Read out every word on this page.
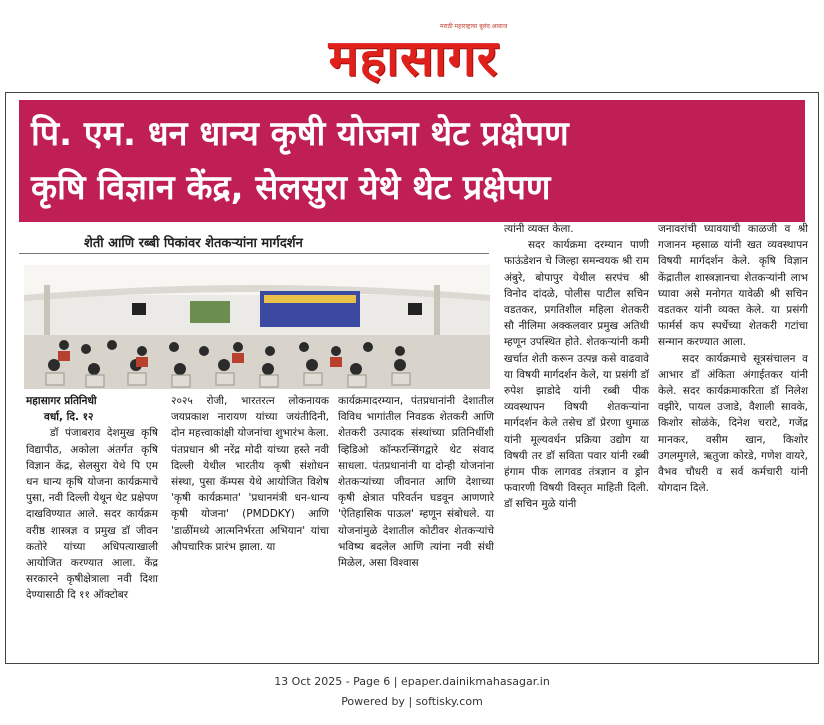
मराठी महाराष्ट्राचा बुलंद आवाज
महासागर
पि. एम. धन धान्य कृषी योजना थेट प्रक्षेपण
कृषि विज्ञान केंद्र, सेलसुरा येथे थेट प्रक्षेपण
शेती आणि रब्बी पिकांवर शेतकऱ्यांना मार्गदर्शन

महासागर प्रतिनिधी

वर्धा, दि. १२

डॉ पंजाबराव देशमुख कृषि विद्यापीठ, अकोला अंतर्गत कृषि विज्ञान केंद्र, सेलसुरा येथे पि एम धन धान्य कृषि योजना कार्यक्रमाचे पुसा, नवी दिल्ली येथून थेट प्रक्षेपण दाखविण्यात आले. सदर कार्यक्रम वरीष्ठ शास्त्रज्ञ व प्रमुख डॉ जीवन कतोरे यांच्या अधिपत्याखाली आयोजित करण्यात आला. केंद्र सरकारने कृषीक्षेत्राला नवी दिशा देण्यासाठी दि ११ ऑक्टोबर

२०२५ रोजी, भारतरत्न लोकनायक जयप्रकाश नारायण यांच्या जयंतीदिनी, दोन महत्त्वाकांक्षी योजनांचा शुभारंभ केला. पंतप्रधान श्री नरेंद्र मोदी यांच्या हस्ते नवी दिल्ली येथील भारतीय कृषी संशोधन संस्था, पुसा कॅम्पस येथे आयोजित विशेष 'कृषी कार्यक्रमात' 'प्रधानमंत्री धन-धान्य कृषी योजना' (PMDDKY) आणि 'डाळींमध्ये आत्मनिर्भरता अभियान' यांचा औपचारिक प्रारंभ झाला. या

कार्यक्रमादरम्यान, पंतप्रधानांनी देशातील विविध भागांतील निवडक शेतकरी आणि शेतकरी उत्पादक संस्थांच्या प्रतिनिधींशी व्हिडिओ कॉन्फरन्सिंगद्वारे थेट संवाद साधला. पंतप्रधानांनी या दोन्ही योजनांना शेतकऱ्यांच्या जीवनात आणि देशाच्या कृषी क्षेत्रात परिवर्तन घडवून आणणारे 'ऐतिहासिक पाऊल' म्हणून संबोधले. या योजनांमुळे देशातील कोटीवर शेतकऱ्यांचे भविष्य बदलेल आणि त्यांना नवी संधी मिळेल, असा विश्वास

त्यांनी व्यक्त केला.

सदर कार्यक्रमा दरम्यान पाणी फाऊंडेशन चे जिल्हा समन्वयक श्री राम अंबुरे, बोपापुर येथील सरपंच श्री विनोद दांदळे, पोलीस पाटील सचिन वडतकर, प्रगतिशील महिला शेतकरी सौ नीलिमा अक्कलवार प्रमुख अतिथी म्हणून उपस्थित होते. शेतकऱ्यांनी कमी खर्चात शेती करून उत्पन्न कसे वाढवावे या विषयी मार्गदर्शन केले, या प्रसंगी डॉ रुपेश झाडोदे यांनी रब्बी पीक व्यवस्थापन विषयी शेतकऱ्यांना मार्गदर्शन केले तसेच डॉ प्रेरणा धुमाळ यांनी मूल्यवर्धन प्रक्रिया उद्योग या विषयी तर डॉ सविता पवार यांनी रब्बी हंगाम पीक लागवड तंत्रज्ञान व ड्रोन फवारणी विषयी विस्तृत माहिती दिली. डॉ सचिन मुळे यांनी

जनावरांची घ्यावयाची काळजी व श्री गजानन म्हसाळ यांनी खत व्यवस्थापन विषयी मार्गदर्शन केले. कृषि विज्ञान केंद्रातील शास्त्रज्ञानचा शेतकऱ्यांनी लाभ घ्यावा असे मनोगत यावेळी श्री सचिन वडतकर यांनी व्यक्त केले. या प्रसंगी फार्मर्स कप स्पर्धेच्या शेतकरी गटांचा सन्मान करण्यात आला.

सदर कार्यक्रमाचे सूत्रसंचालन व आभार डॉ अंकिता अंगाईतकर यांनी केले. सदर कार्यक्रमाकरिता डॉ निलेश वझीरे, पायल उजाडे, वैशाली सावके, किशोर सोळंके, दिनेश चराटे, गजेंद्र मानकर, वसीम खान, किशोर उगलमुगले, ऋतुजा कोरडे, गणेश वायरे, वैभव चौधरी व सर्व कर्मचारी यांनी योगदान दिले.

13 Oct 2025 - Page 6 | epaper.dainikmahasagar.in
Powered by | softisky.com
